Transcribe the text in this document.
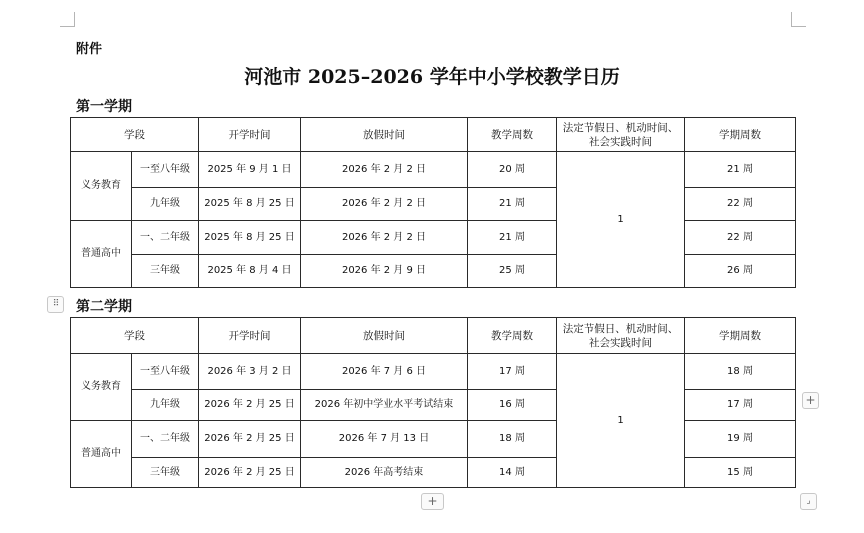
附件
河池市 2025–2026 学年中小学校教学日历
第一学期
学段		开学时间	放假时间	教学周数	法定节假日、机动时间、
社会实践时间	学期周数
义务教育	一至八年级	2025 年 9 月 1 日	2026 年 2 月 2 日	20 周	1	21 周
	九年级	2025 年 8 月 25 日	2026 年 2 月 2 日	21 周		22 周
普通高中	一、二年级	2025 年 8 月 25 日	2026 年 2 月 2 日	21 周		22 周
	三年级	2025 年 8 月 4 日	2026 年 2 月 9 日	25 周		26 周
⠿	第二学期
学段		开学时间	放假时间	教学周数	法定节假日、机动时间、
社会实践时间	学期周数
义务教育	一至八年级	2026 年 3 月 2 日	2026 年 7 月 6 日	17 周	1	18 周
	九年级	2026 年 2 月 25 日	2026 年初中学业水平考试结束	16 周		17 周
普通高中	一、二年级	2026 年 2 月 25 日	2026 年 7 月 13 日	18 周		19 周
	三年级	2026 年 2 月 25 日	2026 年高考结束	14 周		15 周
+
+	⌟
